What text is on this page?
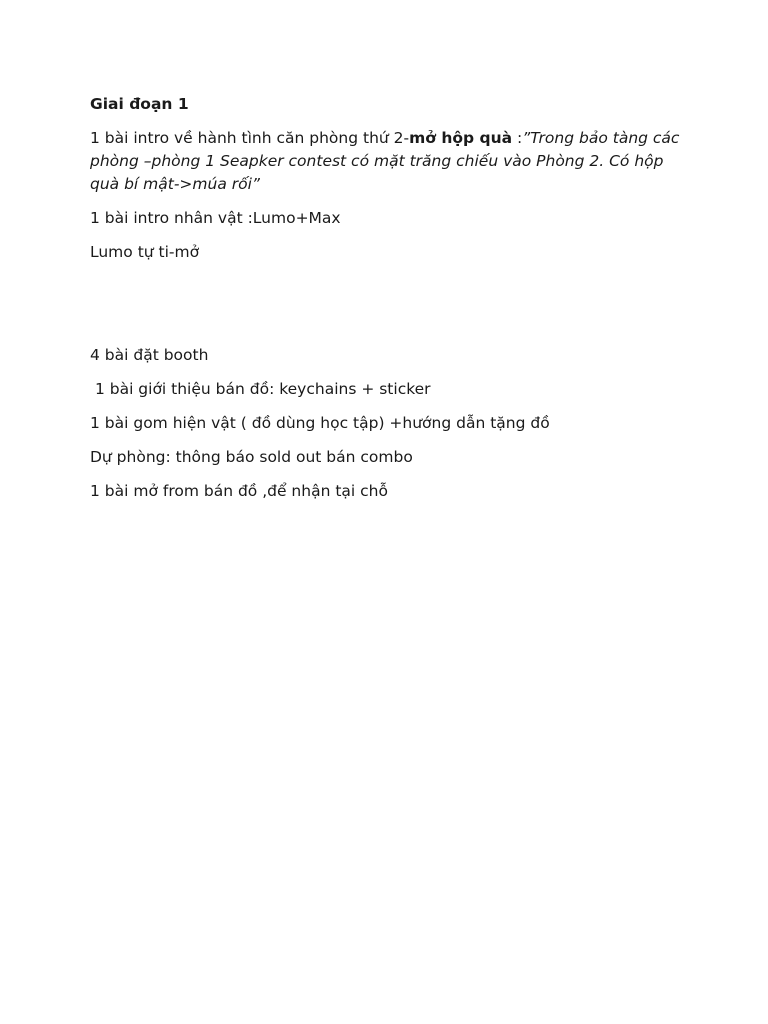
Giai đoạn 1

1 bài intro về hành tình căn phòng thứ 2-mở hộp quà :”Trong bảo tàng các phòng –phòng 1 Seapker contest có mặt trăng chiếu vào Phòng 2. Có hộp quà bí mật->múa rối”

1 bài intro nhân vật :Lumo+Max

Lumo tự ti-mở

4 bài đặt booth

1 bài giới thiệu bán đồ: keychains + sticker

1 bài gom hiện vật ( đồ dùng học tập) +hướng dẫn tặng đồ

Dự phòng: thông báo sold out bán combo

1 bài mở from bán đồ ,để nhận tại chỗ
